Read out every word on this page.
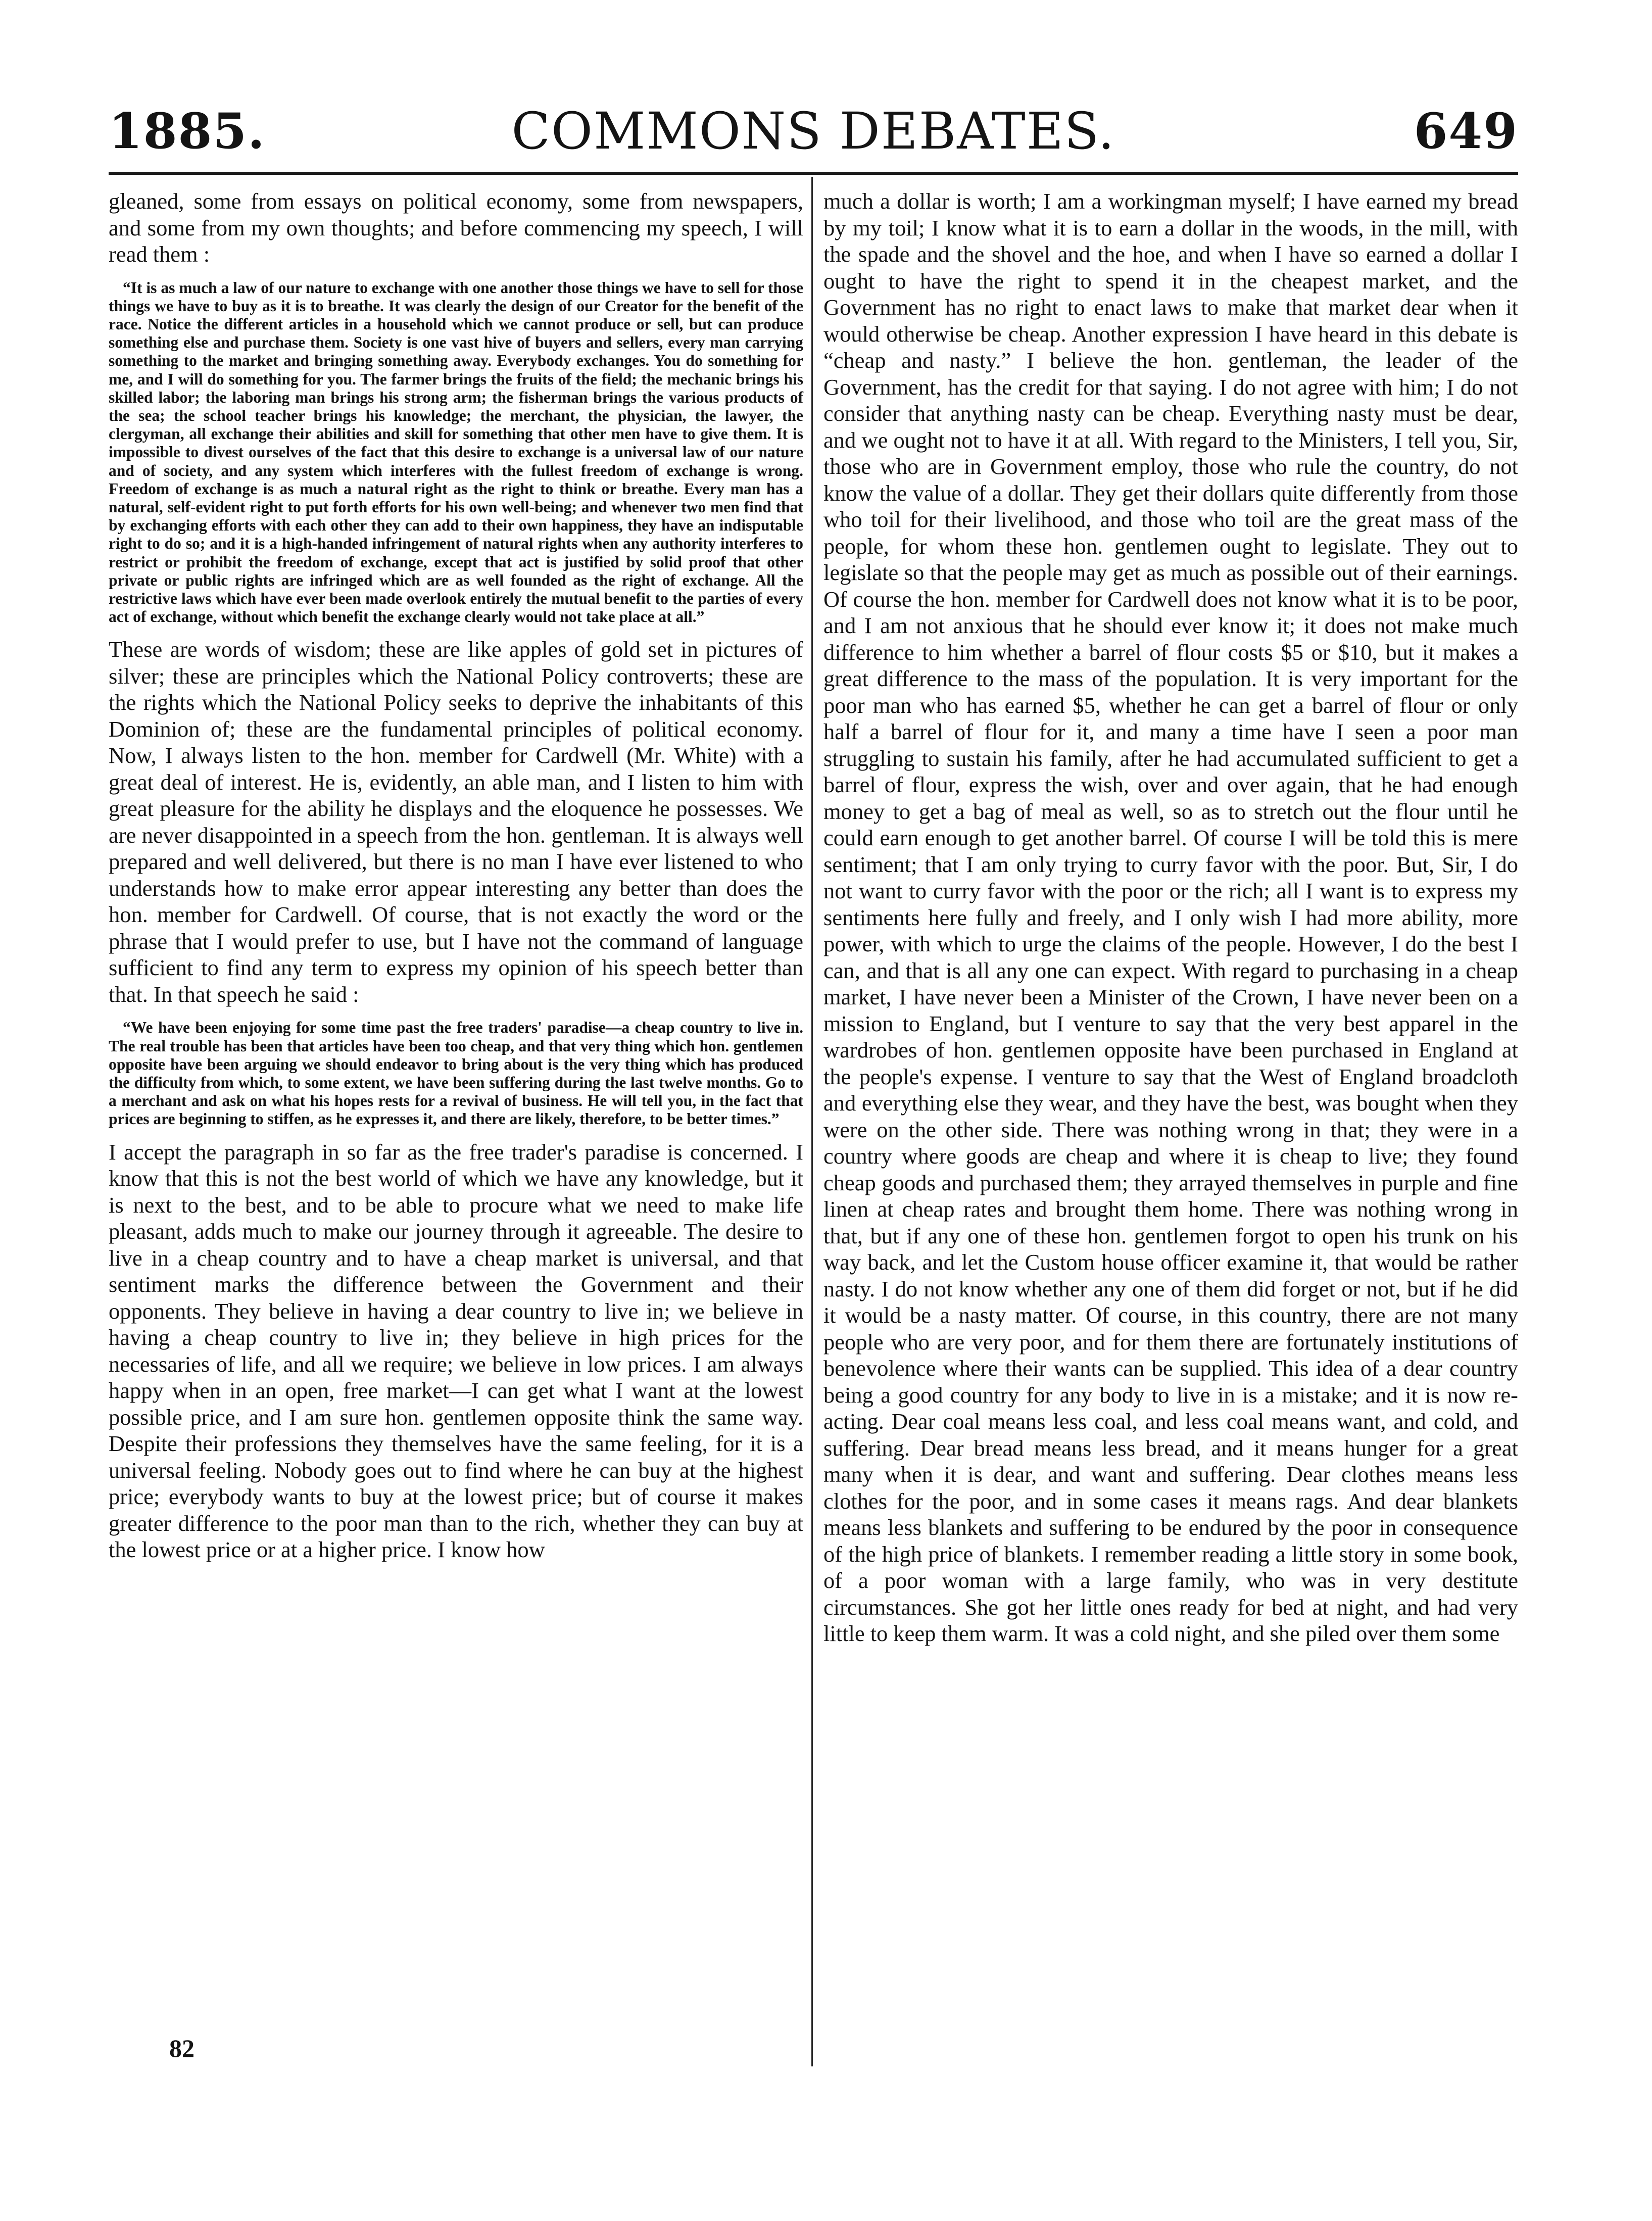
1885.	COMMONS DEBATES.	649

gleaned, some from essays on political economy, some from newspapers, and some from my own thoughts; and before commencing my speech, I will read them :

“It is as much a law of our nature to exchange with one another those things we have to sell for those things we have to buy as it is to breathe. It was clearly the design of our Creator for the benefit of the race. Notice the different articles in a household which we cannot produce or sell, but can produce something else and purchase them. Society is one vast hive of buyers and sellers, every man carrying something to the market and bringing something away. Everybody exchanges. You do something for me, and I will do something for you. The farmer brings the fruits of the field; the mechanic brings his skilled labor; the laboring man brings his strong arm; the fisherman brings the various products of the sea; the school teacher brings his knowledge; the merchant, the physician, the lawyer, the clergyman, all exchange their abilities and skill for something that other men have to give them. It is impossible to divest ourselves of the fact that this desire to exchange is a universal law of our nature and of society, and any system which interferes with the fullest freedom of exchange is wrong. Freedom of exchange is as much a natural right as the right to think or breathe. Every man has a natural, self-evident right to put forth efforts for his own well-being; and whenever two men find that by exchanging efforts with each other they can add to their own happiness, they have an indisputable right to do so; and it is a high-handed infringement of natural rights when any authority interferes to restrict or prohibit the freedom of exchange, except that act is justified by solid proof that other private or public rights are infringed which are as well founded as the right of exchange. All the restrictive laws which have ever been made overlook entirely the mutual benefit to the parties of every act of exchange, without which benefit the exchange clearly would not take place at all.”

These are words of wisdom; these are like apples of gold set in pictures of silver; these are principles which the National Policy controverts; these are the rights which the National Policy seeks to deprive the inhabitants of this Dominion of; these are the fundamental principles of political economy. Now, I always listen to the hon. member for Cardwell (Mr. White) with a great deal of interest. He is, evidently, an able man, and I listen to him with great pleasure for the ability he displays and the eloquence he possesses. We are never disappointed in a speech from the hon. gentleman. It is always well prepared and well delivered, but there is no man I have ever listened to who understands how to make error appear interesting any better than does the hon. member for Cardwell. Of course, that is not exactly the word or the phrase that I would prefer to use, but I have not the command of language sufficient to find any term to express my opinion of his speech better than that. In that speech he said :

“We have been enjoying for some time past the free traders' paradise—a cheap country to live in. The real trouble has been that articles have been too cheap, and that very thing which hon. gentlemen opposite have been arguing we should endeavor to bring about is the very thing which has produced the difficulty from which, to some extent, we have been suffering during the last twelve months. Go to a merchant and ask on what his hopes rests for a revival of business. He will tell you, in the fact that prices are beginning to stiffen, as he expresses it, and there are likely, therefore, to be better times.”

I accept the paragraph in so far as the free trader's paradise is concerned. I know that this is not the best world of which we have any knowledge, but it is next to the best, and to be able to procure what we need to make life pleasant, adds much to make our journey through it agreeable. The desire to live in a cheap country and to have a cheap market is universal, and that sentiment marks the difference between the Government and their opponents. They believe in having a dear country to live in; we believe in having a cheap country to live in; they believe in high prices for the necessaries of life, and all we require; we believe in low prices. I am always happy when in an open, free market—I can get what I want at the lowest possible price, and I am sure hon. gentlemen opposite think the same way. Despite their professions they themselves have the same feeling, for it is a universal feeling. Nobody goes out to find where he can buy at the highest price; everybody wants to buy at the lowest price; but of course it makes greater difference to the poor man than to the rich, whether they can buy at the lowest price or at a higher price. I know how

much a dollar is worth; I am a workingman myself; I have earned my bread by my toil; I know what it is to earn a dollar in the woods, in the mill, with the spade and the shovel and the hoe, and when I have so earned a dollar I ought to have the right to spend it in the cheapest market, and the Government has no right to enact laws to make that market dear when it would otherwise be cheap. Another expression I have heard in this debate is “cheap and nasty.” I believe the hon. gentleman, the leader of the Government, has the credit for that saying. I do not agree with him; I do not consider that anything nasty can be cheap. Everything nasty must be dear, and we ought not to have it at all. With regard to the Ministers, I tell you, Sir, those who are in Government employ, those who rule the country, do not know the value of a dollar. They get their dollars quite differently from those who toil for their livelihood, and those who toil are the great mass of the people, for whom these hon. gentlemen ought to legislate. They out to legislate so that the people may get as much as possible out of their earnings. Of course the hon. member for Cardwell does not know what it is to be poor, and I am not anxious that he should ever know it; it does not make much difference to him whether a barrel of flour costs $5 or $10, but it makes a great difference to the mass of the population. It is very important for the poor man who has earned $5, whether he can get a barrel of flour or only half a barrel of flour for it, and many a time have I seen a poor man struggling to sustain his family, after he had accumulated sufficient to get a barrel of flour, express the wish, over and over again, that he had enough money to get a bag of meal as well, so as to stretch out the flour until he could earn enough to get another barrel. Of course I will be told this is mere sentiment; that I am only trying to curry favor with the poor. But, Sir, I do not want to curry favor with the poor or the rich; all I want is to express my sentiments here fully and freely, and I only wish I had more ability, more power, with which to urge the claims of the people. However, I do the best I can, and that is all any one can expect. With regard to purchasing in a cheap market, I have never been a Minister of the Crown, I have never been on a mission to England, but I venture to say that the very best apparel in the wardrobes of hon. gentlemen opposite have been purchased in England at the people's expense. I venture to say that the West of England broadcloth and everything else they wear, and they have the best, was bought when they were on the other side. There was nothing wrong in that; they were in a country where goods are cheap and where it is cheap to live; they found cheap goods and purchased them; they arrayed themselves in purple and fine linen at cheap rates and brought them home. There was nothing wrong in that, but if any one of these hon. gentlemen forgot to open his trunk on his way back, and let the Custom house officer examine it, that would be rather nasty. I do not know whether any one of them did forget or not, but if he did it would be a nasty matter. Of course, in this country, there are not many people who are very poor, and for them there are fortunately institutions of benevolence where their wants can be supplied. This idea of a dear country being a good country for any body to live in is a mistake; and it is now re-acting. Dear coal means less coal, and less coal means want, and cold, and suffering. Dear bread means less bread, and it means hunger for a great many when it is dear, and want and suffering. Dear clothes means less clothes for the poor, and in some cases it means rags. And dear blankets means less blankets and suffering to be endured by the poor in consequence of the high price of blankets. I remember reading a little story in some book, of a poor woman with a large family, who was in very destitute circumstances. She got her little ones ready for bed at night, and had very little to keep them warm. It was a cold night, and she piled over them some

82
